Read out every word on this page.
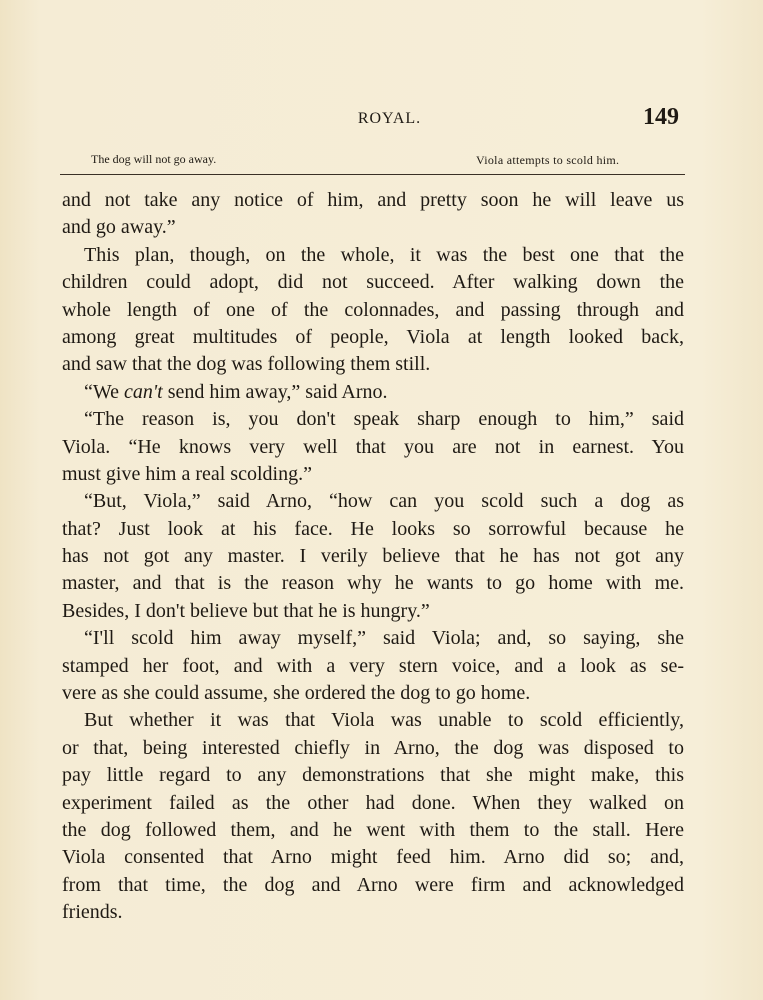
ROYAL.	149
The dog will not go away.	Viola attempts to scold him.
and not take any notice of him, and pretty soon he will leave us
and go away.”
This plan, though, on the whole, it was the best one that the
children could adopt, did not succeed. After walking down the
whole length of one of the colonnades, and passing through and
among great multitudes of people, Viola at length looked back,
and saw that the dog was following them still.
“We can't send him away,” said Arno.
“The reason is, you don't speak sharp enough to him,” said
Viola. “He knows very well that you are not in earnest. You
must give him a real scolding.”
“But, Viola,” said Arno, “how can you scold such a dog as
that? Just look at his face. He looks so sorrowful because he
has not got any master. I verily believe that he has not got any
master, and that is the reason why he wants to go home with me.
Besides, I don't believe but that he is hungry.”
“I'll scold him away myself,” said Viola; and, so saying, she
stamped her foot, and with a very stern voice, and a look as se-
vere as she could assume, she ordered the dog to go home.
But whether it was that Viola was unable to scold efficiently,
or that, being interested chiefly in Arno, the dog was disposed to
pay little regard to any demonstrations that she might make, this
experiment failed as the other had done. When they walked on
the dog followed them, and he went with them to the stall. Here
Viola consented that Arno might feed him. Arno did so; and,
from that time, the dog and Arno were firm and acknowledged
friends.
